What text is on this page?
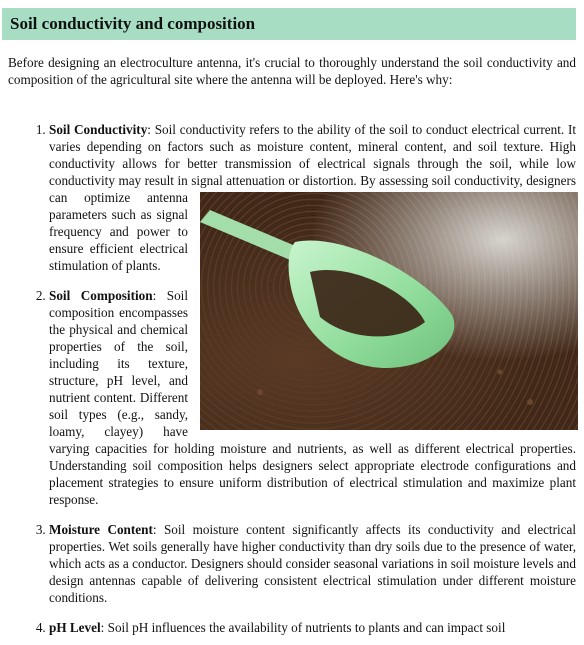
Soil conductivity and composition

Before designing an electroculture antenna, it's crucial to thoroughly understand the soil conductivity and composition of the agricultural site where the antenna will be deployed. Here's why:

1. Soil Conductivity: Soil conductivity refers to the ability of the soil to conduct electrical current. It varies depending on factors such as moisture content, mineral content, and soil texture. High conductivity allows for better transmission of electrical signals through the soil, while low conductivity may result in signal attenuation or distortion. By assessing soil conductivity,
designers can optimize antenna parameters such as signal frequency and power to ensure efficient electrical stimulation of plants.
2. Soil Composition: Soil composition encompasses the physical and chemical properties of the soil, including its texture, structure, pH level, and nutrient content. Different soil types (e.g., sandy, loamy, clayey) have varying capacities for holding moisture and nutrients, as well as different electrical properties. Understanding soil composition helps designers select appropriate electrode configurations and placement strategies to ensure uniform distribution of electrical stimulation and maximize plant response.
3. Moisture Content: Soil moisture content significantly affects its conductivity and electrical properties. Wet soils generally have higher conductivity than dry soils due to the presence of water, which acts as a conductor. Designers should consider seasonal variations in soil moisture levels and design antennas capable of delivering consistent electrical stimulation under different moisture conditions.
4. pH Level: Soil pH influences the availability of nutrients to plants and can impact soil
